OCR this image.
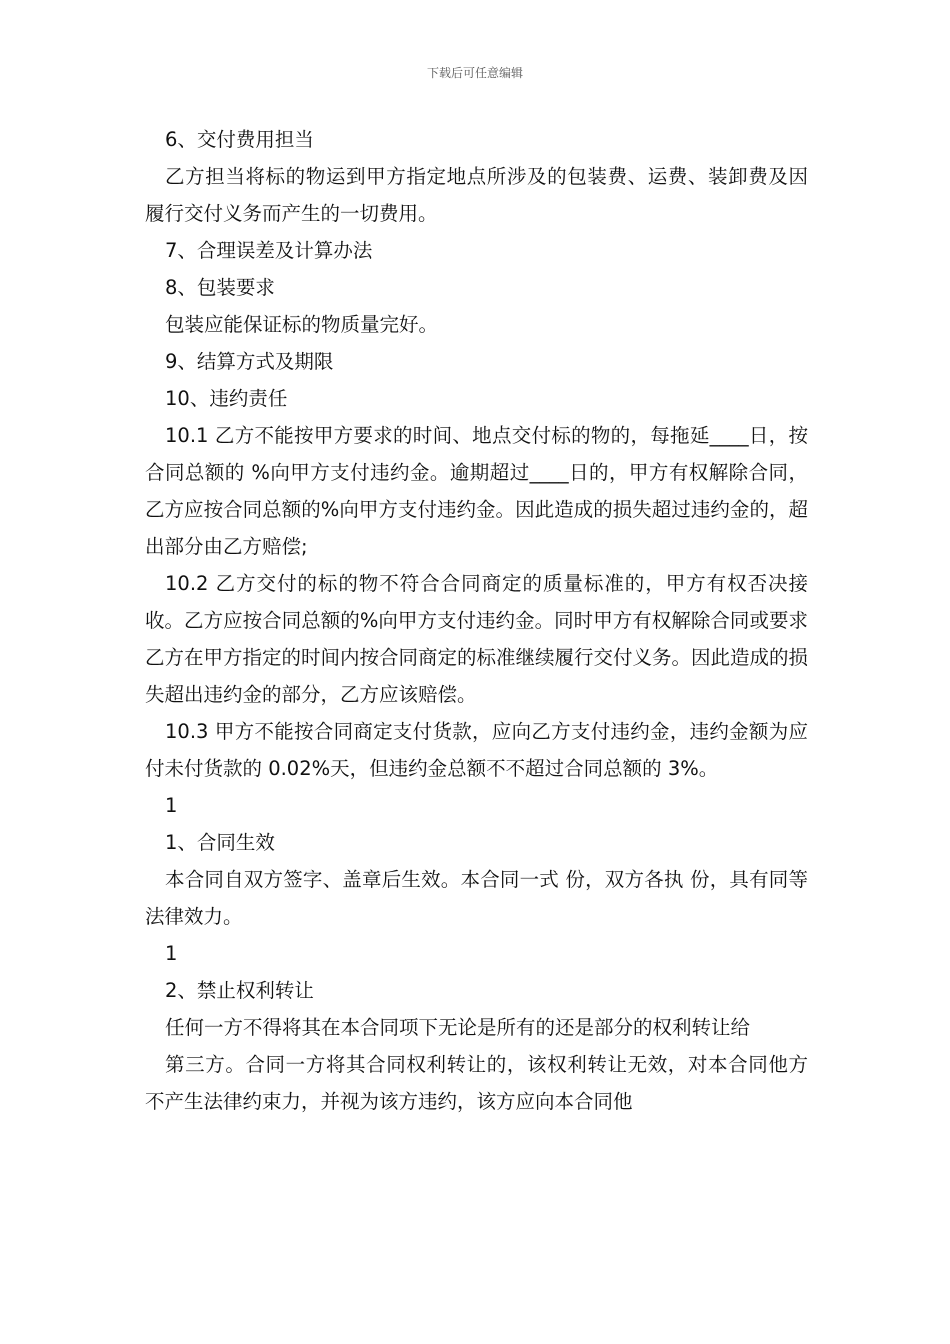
下载后可任意编辑

6、交付费用担当

乙方担当将标的物运到甲方指定地点所涉及的包装费、运费、装卸费及因履行交付义务而产生的一切费用。

7、合理误差及计算办法

8、包装要求

包装应能保证标的物质量完好。

9、结算方式及期限

10、违约责任

10.1 乙方不能按甲方要求的时间、地点交付标的物的，每拖延____日，按合同总额的 %向甲方支付违约金。逾期超过____日的，甲方有权解除合同，乙方应按合同总额的%向甲方支付违约金。因此造成的损失超过违约金的，超出部分由乙方赔偿;

10.2 乙方交付的标的物不符合合同商定的质量标准的，甲方有权否决接收。乙方应按合同总额的%向甲方支付违约金。同时甲方有权解除合同或要求乙方在甲方指定的时间内按合同商定的标准继续履行交付义务。因此造成的损失超出违约金的部分，乙方应该赔偿。

10.3 甲方不能按合同商定支付货款，应向乙方支付违约金，违约金额为应付未付货款的 0.02%天，但违约金总额不不超过合同总额的 3%。

1

1、合同生效

本合同自双方签字、盖章后生效。本合同一式 份，双方各执 份，具有同等法律效力。

1

2、禁止权利转让

任何一方不得将其在本合同项下无论是所有的还是部分的权利转让给

第三方。合同一方将其合同权利转让的，该权利转让无效，对本合同他方不产生法律约束力，并视为该方违约，该方应向本合同他
